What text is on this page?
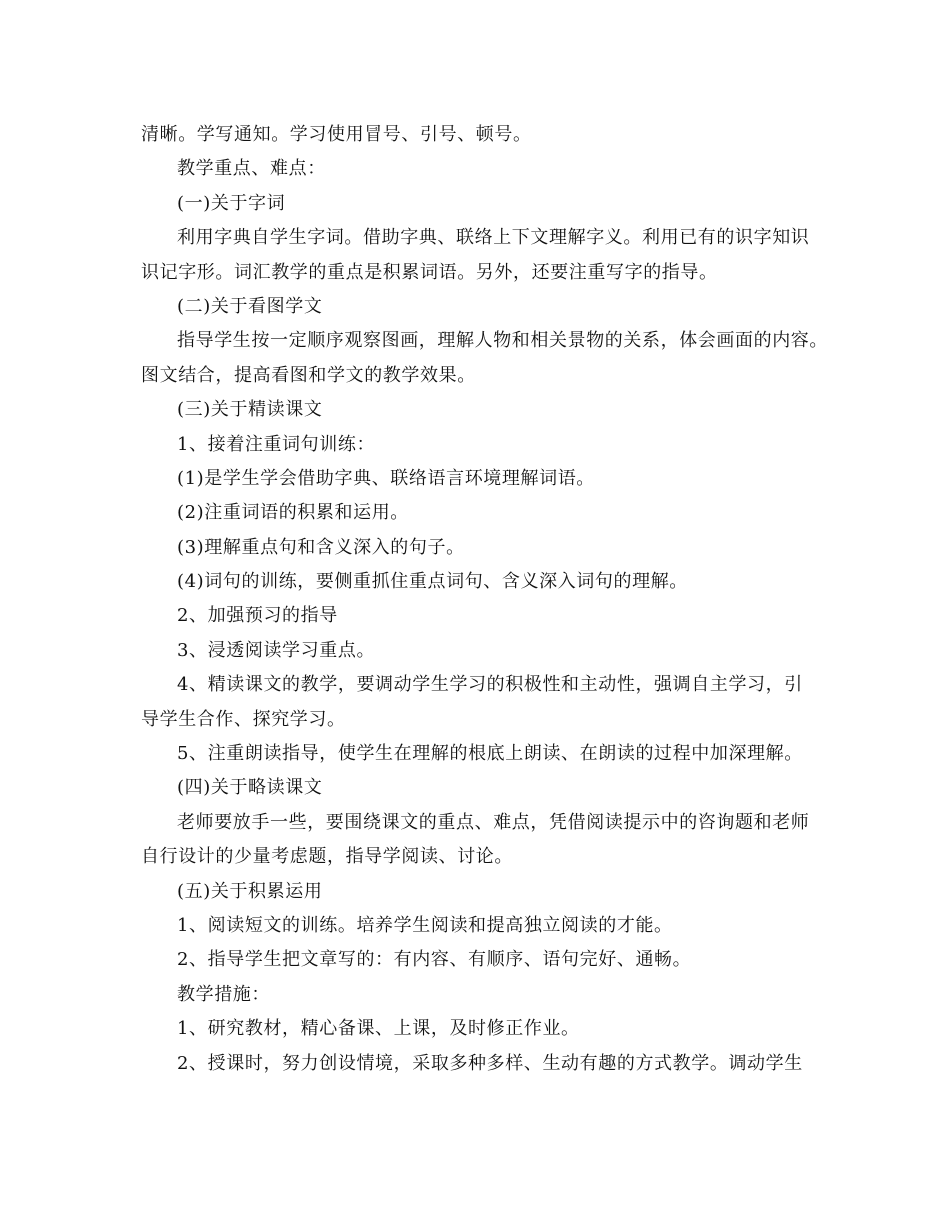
清晰。学写通知。学习使用冒号、引号、顿号。
教学重点、难点：
(一)关于字词
利用字典自学生字词。借助字典、联络上下文理解字义。利用已有的识字知识
识记字形。词汇教学的重点是积累词语。另外，还要注重写字的指导。
(二)关于看图学文
指导学生按一定顺序观察图画，理解人物和相关景物的关系，体会画面的内容。
图文结合，提高看图和学文的教学效果。
(三)关于精读课文
1、接着注重词句训练：
(1)是学生学会借助字典、联络语言环境理解词语。
(2)注重词语的积累和运用。
(3)理解重点句和含义深入的句子。
(4)词句的训练，要侧重抓住重点词句、含义深入词句的理解。
2、加强预习的指导
3、浸透阅读学习重点。
4、精读课文的教学，要调动学生学习的积极性和主动性，强调自主学习，引
导学生合作、探究学习。
5、注重朗读指导，使学生在理解的根底上朗读、在朗读的过程中加深理解。
(四)关于略读课文
老师要放手一些，要围绕课文的重点、难点，凭借阅读提示中的咨询题和老师
自行设计的少量考虑题，指导学阅读、讨论。
(五)关于积累运用
1、阅读短文的训练。培养学生阅读和提高独立阅读的才能。
2、指导学生把文章写的：有内容、有顺序、语句完好、通畅。
教学措施：
1、研究教材，精心备课、上课，及时修正作业。
2、授课时，努力创设情境，采取多种多样、生动有趣的方式教学。调动学生
